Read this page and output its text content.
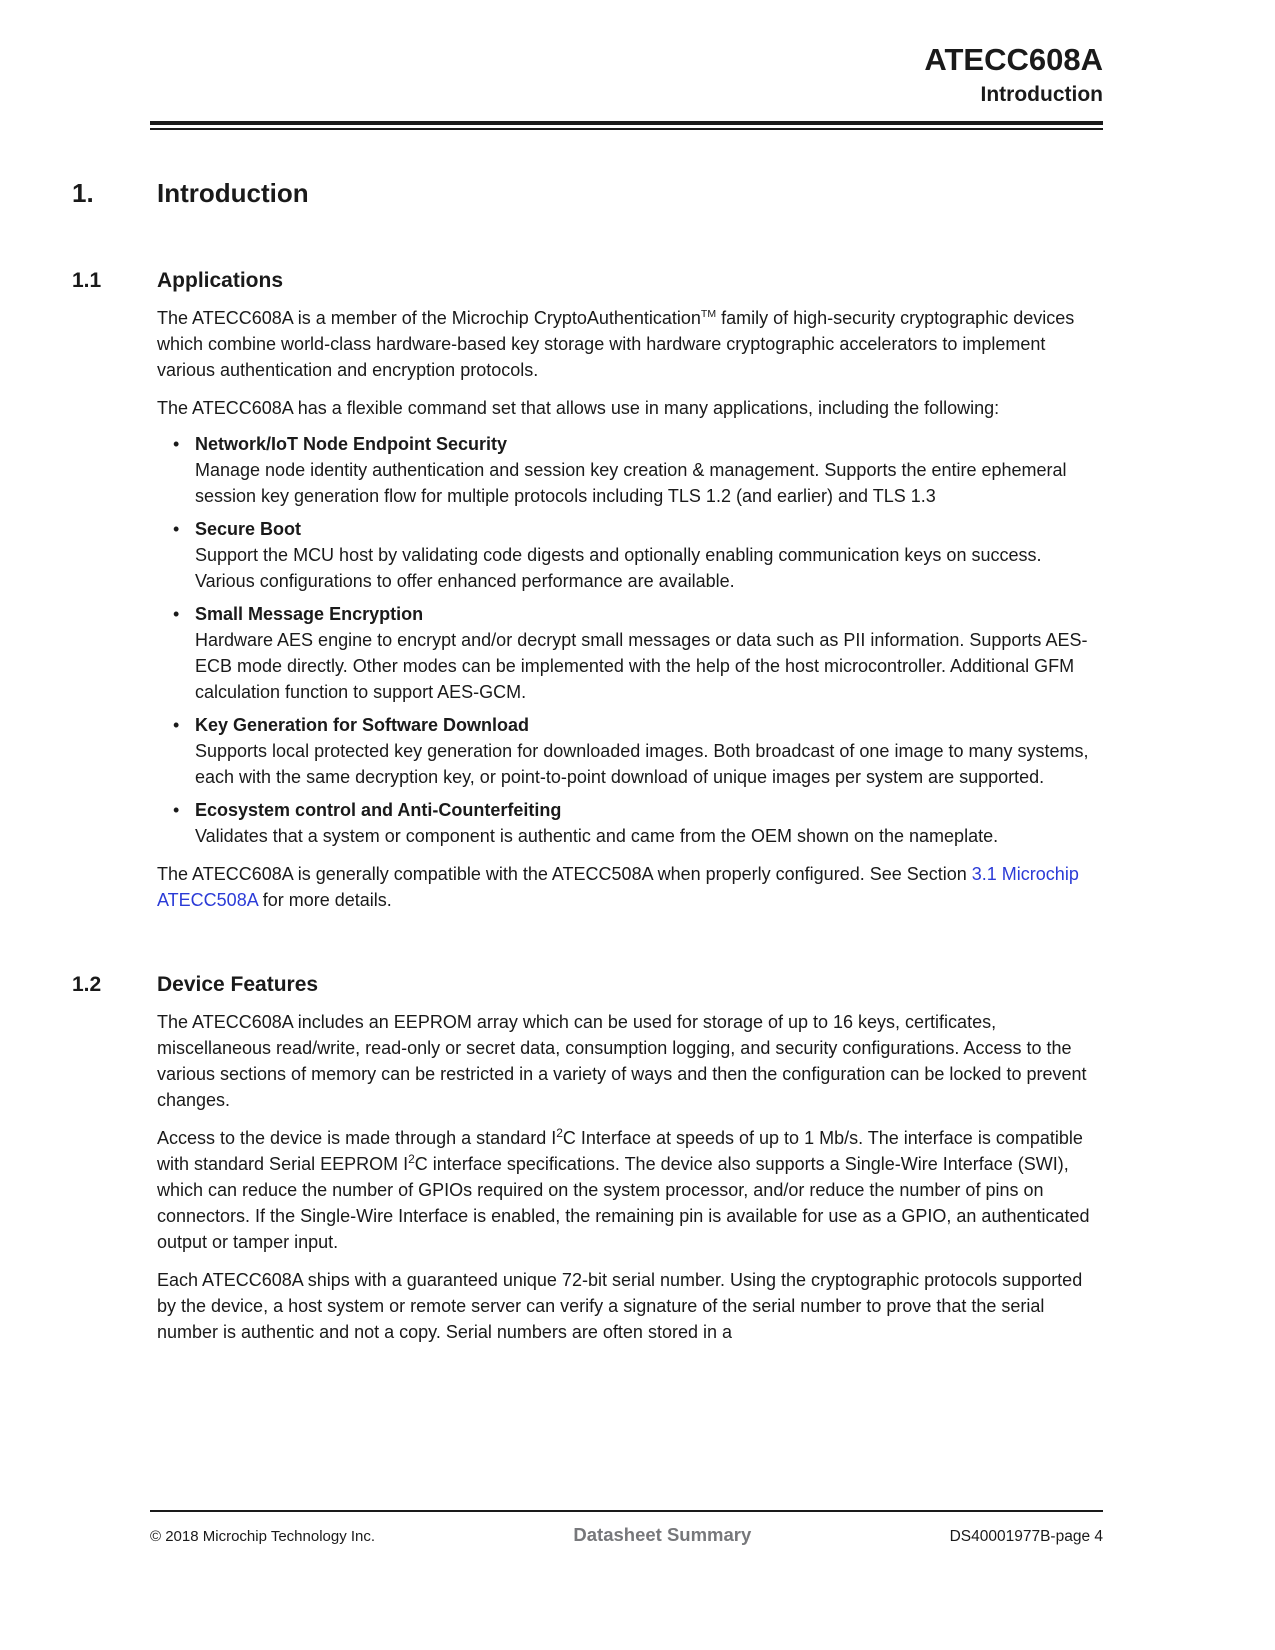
ATECC608A
Introduction
1.	Introduction
1.1	Applications

The ATECC608A is a member of the Microchip CryptoAuthentication™ family of high-security cryptographic devices which combine world-class hardware-based key storage with hardware cryptographic accelerators to implement various authentication and encryption protocols.

The ATECC608A has a flexible command set that allows use in many applications, including the following:

• Network/IoT Node Endpoint Security
Manage node identity authentication and session key creation & management. Supports the entire ephemeral session key generation flow for multiple protocols including TLS 1.2 (and earlier) and TLS 1.3
• Secure Boot
Support the MCU host by validating code digests and optionally enabling communication keys on success. Various configurations to offer enhanced performance are available.
• Small Message Encryption
Hardware AES engine to encrypt and/or decrypt small messages or data such as PII information. Supports AES-ECB mode directly. Other modes can be implemented with the help of the host microcontroller. Additional GFM calculation function to support AES-GCM.
• Key Generation for Software Download
Supports local protected key generation for downloaded images. Both broadcast of one image to many systems, each with the same decryption key, or point-to-point download of unique images per system are supported.
• Ecosystem control and Anti-Counterfeiting
Validates that a system or component is authentic and came from the OEM shown on the nameplate.

The ATECC608A is generally compatible with the ATECC508A when properly configured. See Section 3.1 Microchip ATECC508A for more details.

1.2	Device Features

The ATECC608A includes an EEPROM array which can be used for storage of up to 16 keys, certificates, miscellaneous read/write, read-only or secret data, consumption logging, and security configurations. Access to the various sections of memory can be restricted in a variety of ways and then the configuration can be locked to prevent changes.

Access to the device is made through a standard $I^2C$ Interface at speeds of up to 1 Mb/s. The interface is compatible with standard Serial EEPROM $I^2C$ interface specifications. The device also supports a Single-Wire Interface (SWI), which can reduce the number of GPIOs required on the system processor, and/or reduce the number of pins on connectors. If the Single-Wire Interface is enabled, the remaining pin is available for use as a GPIO, an authenticated output or tamper input.

Each ATECC608A ships with a guaranteed unique 72-bit serial number. Using the cryptographic protocols supported by the device, a host system or remote server can verify a signature of the serial number to prove that the serial number is authentic and not a copy. Serial numbers are often stored in a

© 2018 Microchip Technology Inc.	Datasheet Summary	DS40001977B-page 4
